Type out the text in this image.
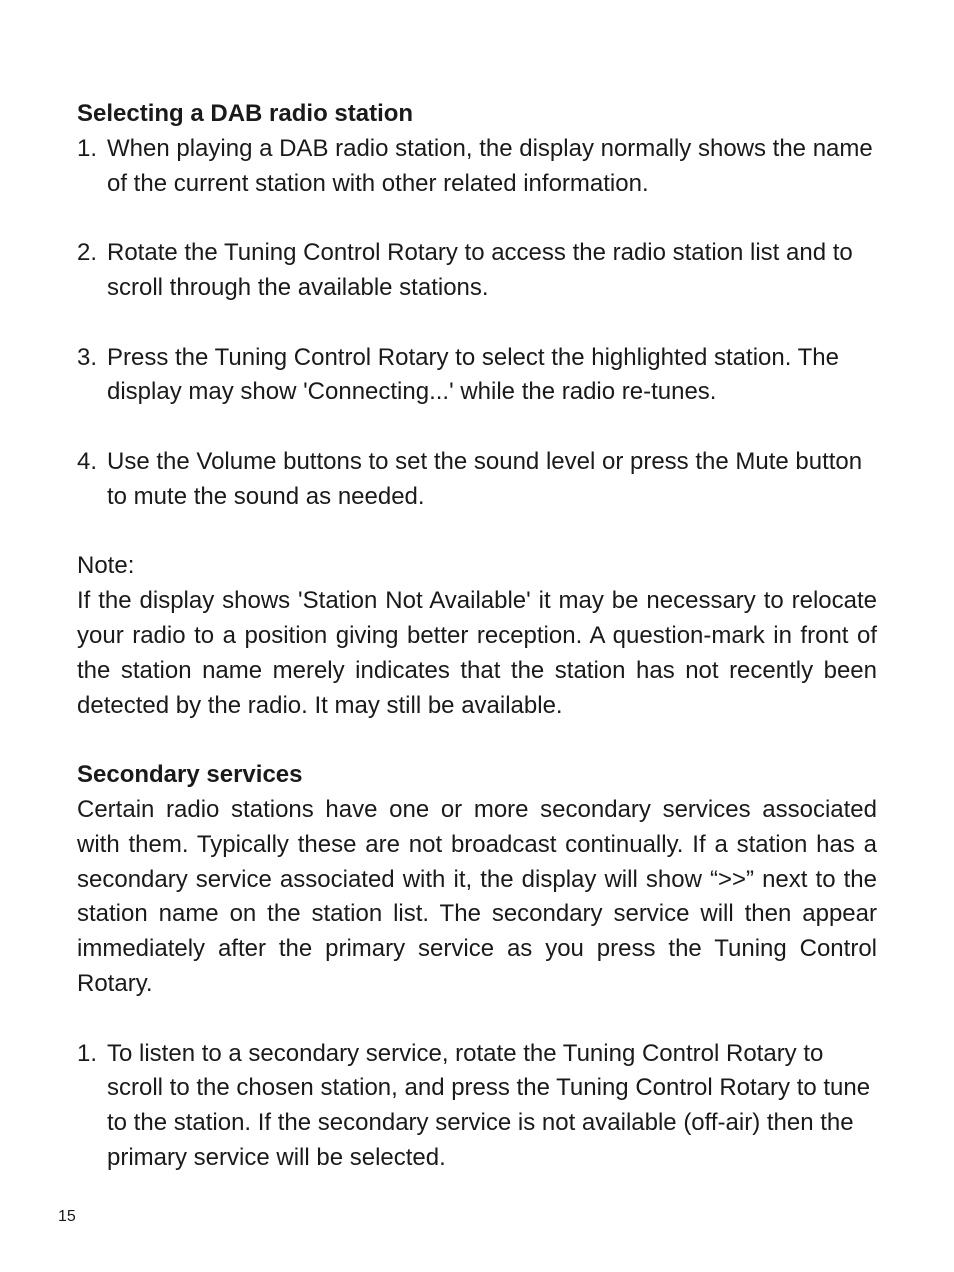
Selecting a DAB radio station

1. When playing a DAB radio station, the display normally shows the name of the current station with other related information.
2. Rotate the Tuning Control Rotary to access the radio station list and to scroll through the available stations.
3. Press the Tuning Control Rotary to select the highlighted station. The display may show 'Connecting...' while the radio re-tunes.
4. Use the Volume buttons to set the sound level or press the Mute button to mute the sound as needed.

Note:

If the display shows 'Station Not Available' it may be necessary to relocate your radio to a position giving better reception. A question-mark in front of the station name merely indicates that the station has not recently been detected by the radio. It may still be available.

Secondary services

Certain radio stations have one or more secondary services associated with them. Typically these are not broadcast continually. If a station has a secondary service associated with it, the display will show “>>” next to the station name on the station list. The secondary service will then appear immediately after the primary service as you press the Tuning Control Rotary.

1. To listen to a secondary service, rotate the Tuning Control Rotary to scroll to the chosen station, and press the Tuning Control Rotary to tune to the station. If the secondary service is not available (off-air) then the primary service will be selected.
15
